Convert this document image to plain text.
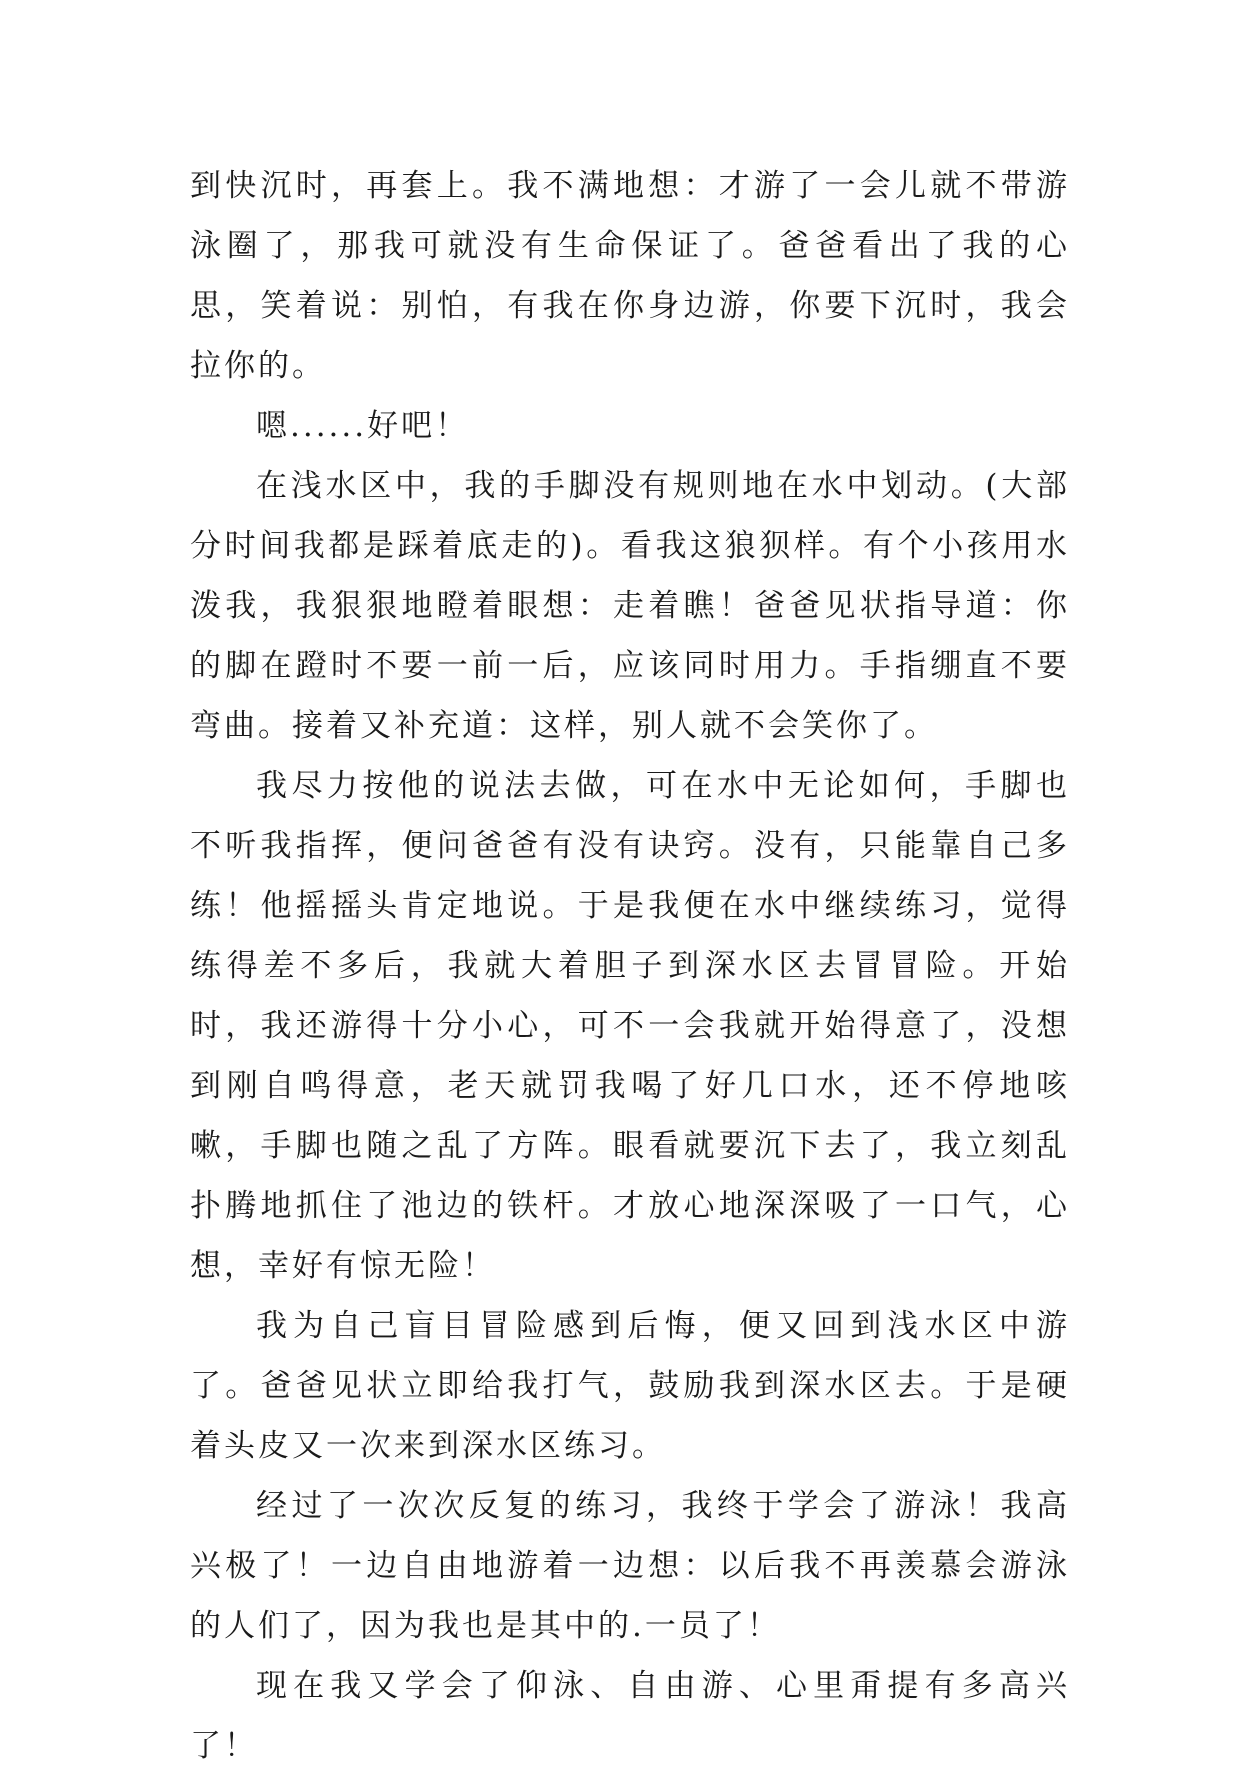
到快沉时，再套上。我不满地想：才游了一会儿就不带游泳圈了，那我可就没有生命保证了。爸爸看出了我的心思，笑着说：别怕，有我在你身边游，你要下沉时，我会拉你的。

嗯......好吧！

在浅水区中，我的手脚没有规则地在水中划动。(大部分时间我都是踩着底走的)。看我这狼狈样。有个小孩用水泼我，我狠狠地瞪着眼想：走着瞧！爸爸见状指导道：你的脚在蹬时不要一前一后，应该同时用力。手指绷直不要弯曲。接着又补充道：这样，别人就不会笑你了。

我尽力按他的说法去做，可在水中无论如何，手脚也不听我指挥，便问爸爸有没有诀窍。没有，只能靠自己多练！他摇摇头肯定地说。于是我便在水中继续练习，觉得练得差不多后，我就大着胆子到深水区去冒冒险。开始时，我还游得十分小心，可不一会我就开始得意了，没想到刚自鸣得意，老天就罚我喝了好几口水，还不停地咳嗽，手脚也随之乱了方阵。眼看就要沉下去了，我立刻乱扑腾地抓住了池边的铁杆。才放心地深深吸了一口气，心想，幸好有惊无险！

我为自己盲目冒险感到后悔，便又回到浅水区中游了。爸爸见状立即给我打气，鼓励我到深水区去。于是硬着头皮又一次来到深水区练习。

经过了一次次反复的练习，我终于学会了游泳！我高兴极了！一边自由地游着一边想：以后我不再羡慕会游泳的人们了，因为我也是其中的.一员了！

现在我又学会了仰泳、自由游、心里甭提有多高兴了！
